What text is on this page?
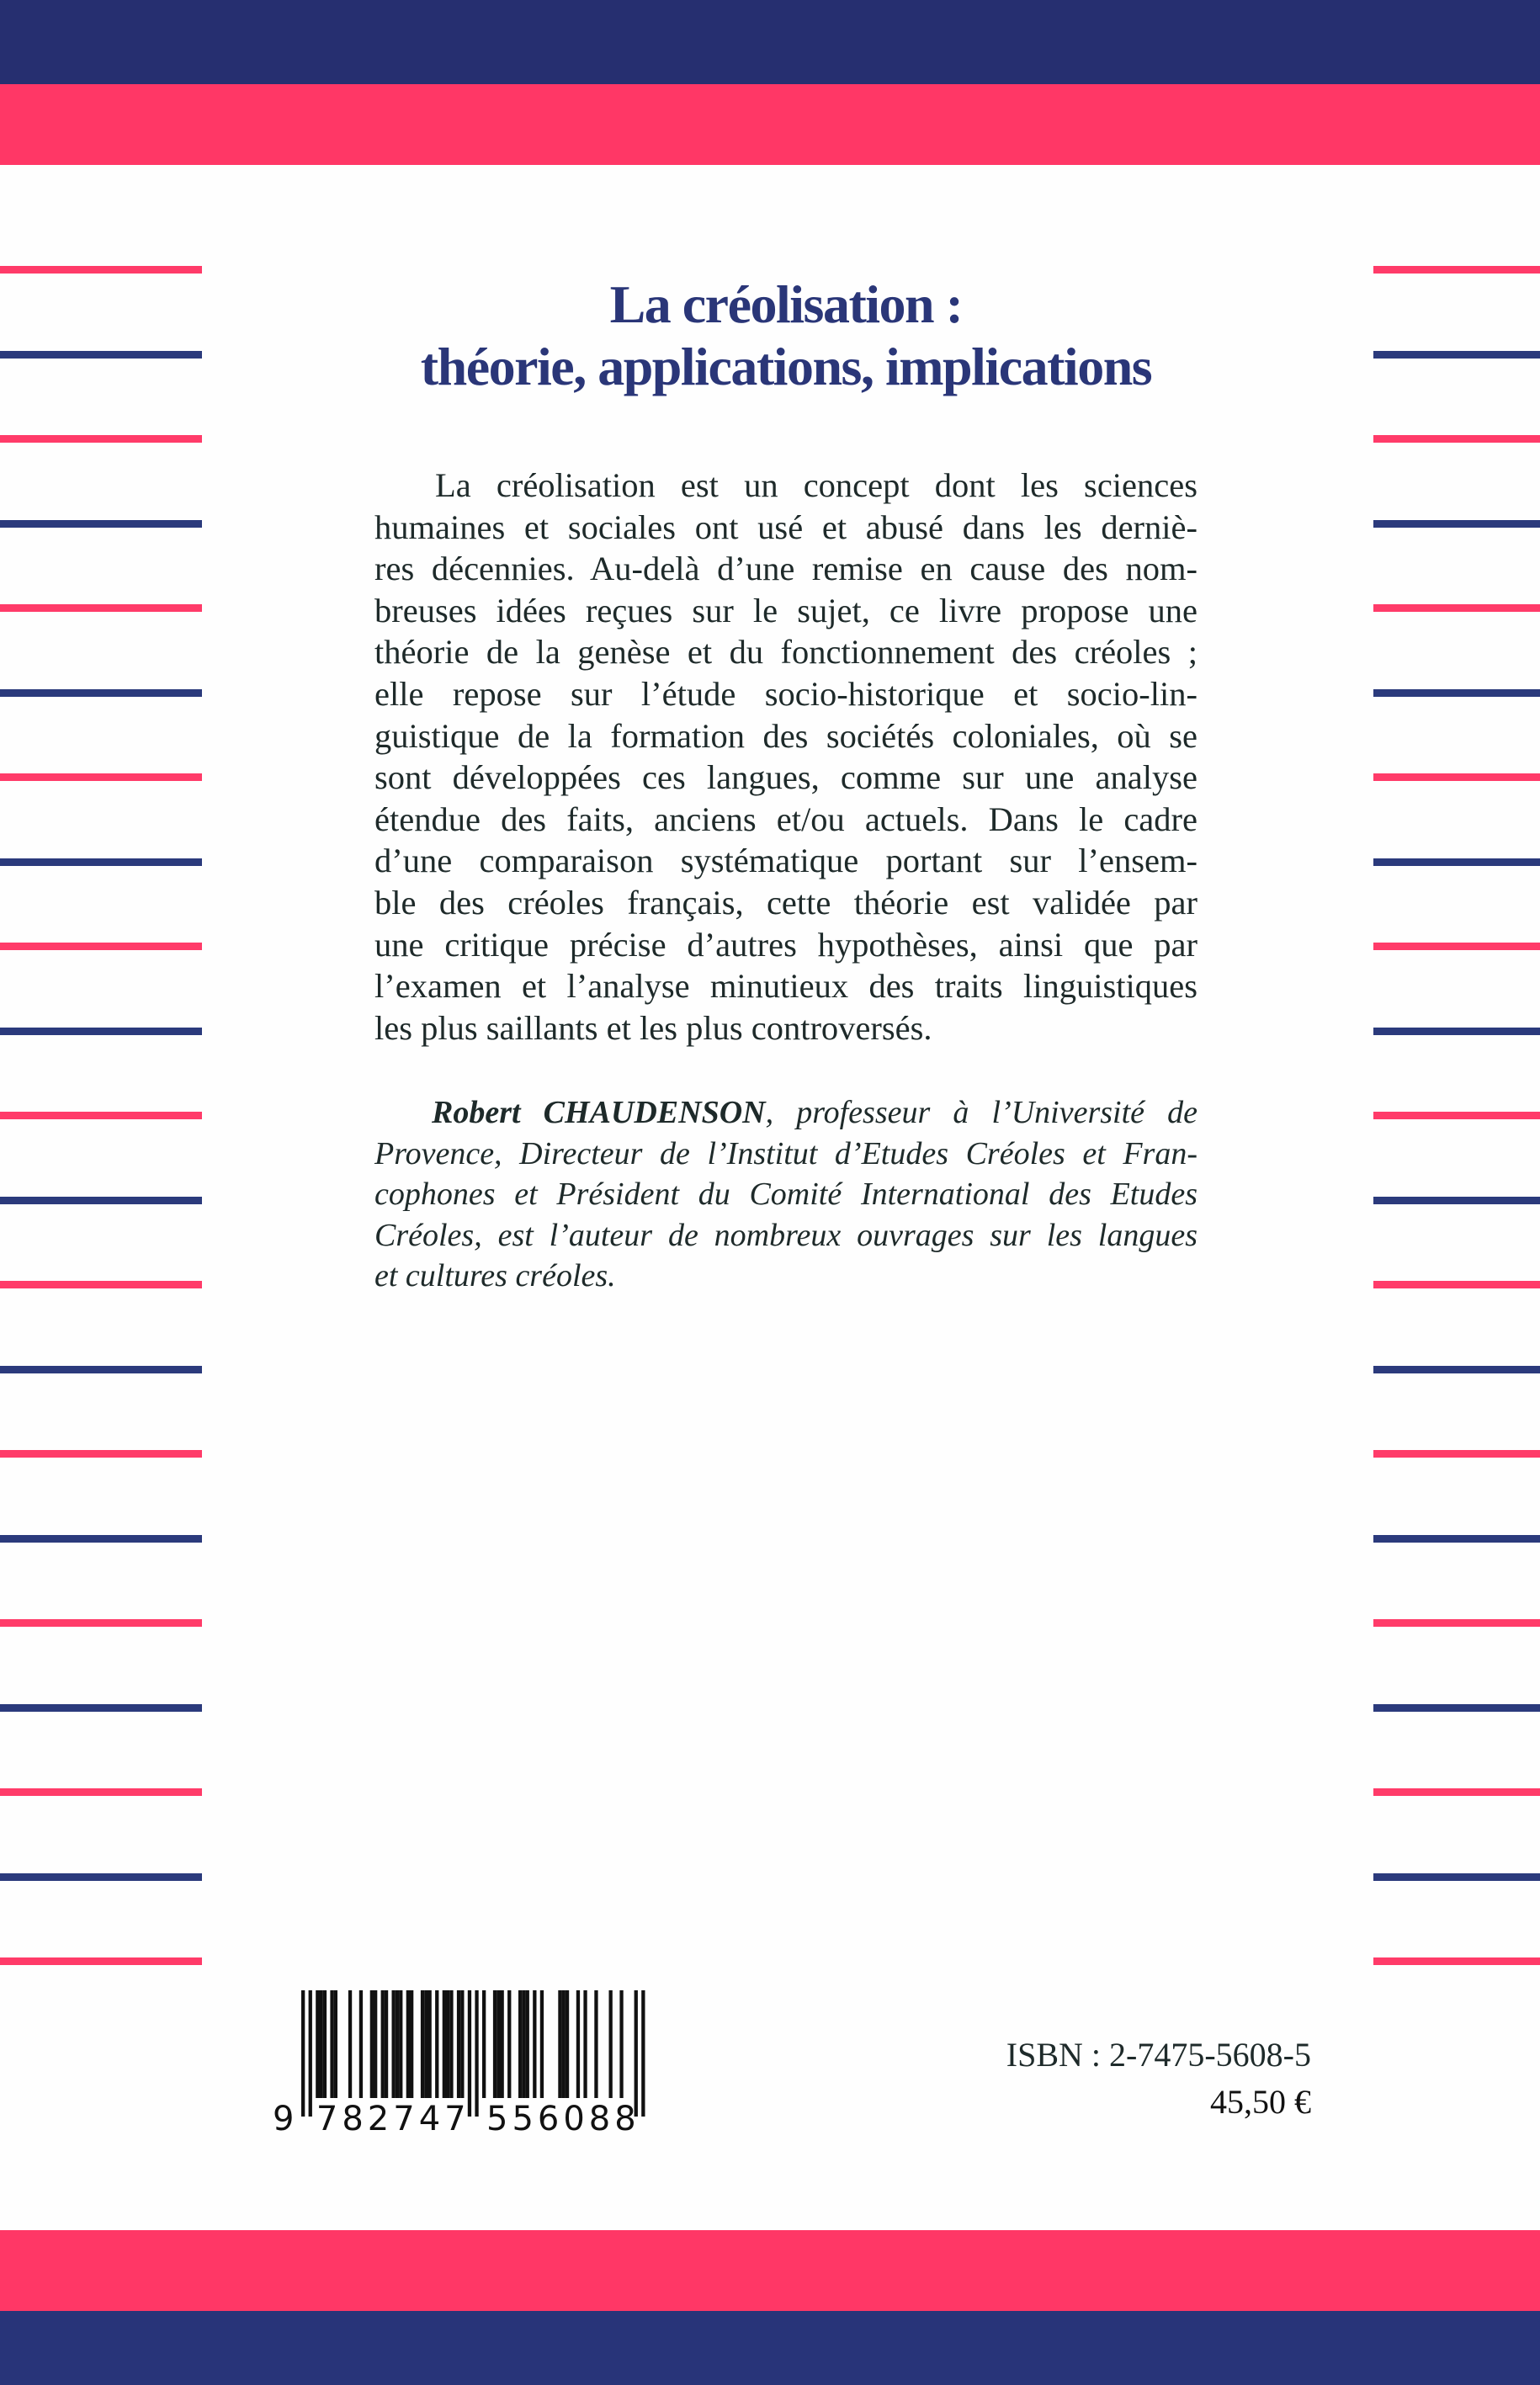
La créolisation :
théorie, applications, implications
La créolisation est un concept dont les sciences
humaines et sociales ont usé et abusé dans les derniè-
res décennies. Au-delà d’une remise en cause des nom-
breuses idées reçues sur le sujet, ce livre propose une
théorie de la genèse et du fonctionnement des créoles ;
elle repose sur l’étude socio-historique et socio-lin-
guistique de la formation des sociétés coloniales, où se
sont développées ces langues, comme sur une analyse
étendue des faits, anciens et/ou actuels. Dans le cadre
d’une comparaison systématique portant sur l’ensem-
ble des créoles français, cette théorie est validée par
une critique précise d’autres hypothèses, ainsi que par
l’examen et l’analyse minutieux des traits linguistiques
les plus saillants et les plus controversés.
Robert CHAUDENSON, professeur à l’Université de
Provence, Directeur de l’Institut d’Etudes Créoles et Fran-
cophones et Président du Comité International des Etudes
Créoles, est l’auteur de nombreux ouvrages sur les langues
et cultures créoles.
9 782747 556088
ISBN : 2-7475-5608-5
45,50 €
